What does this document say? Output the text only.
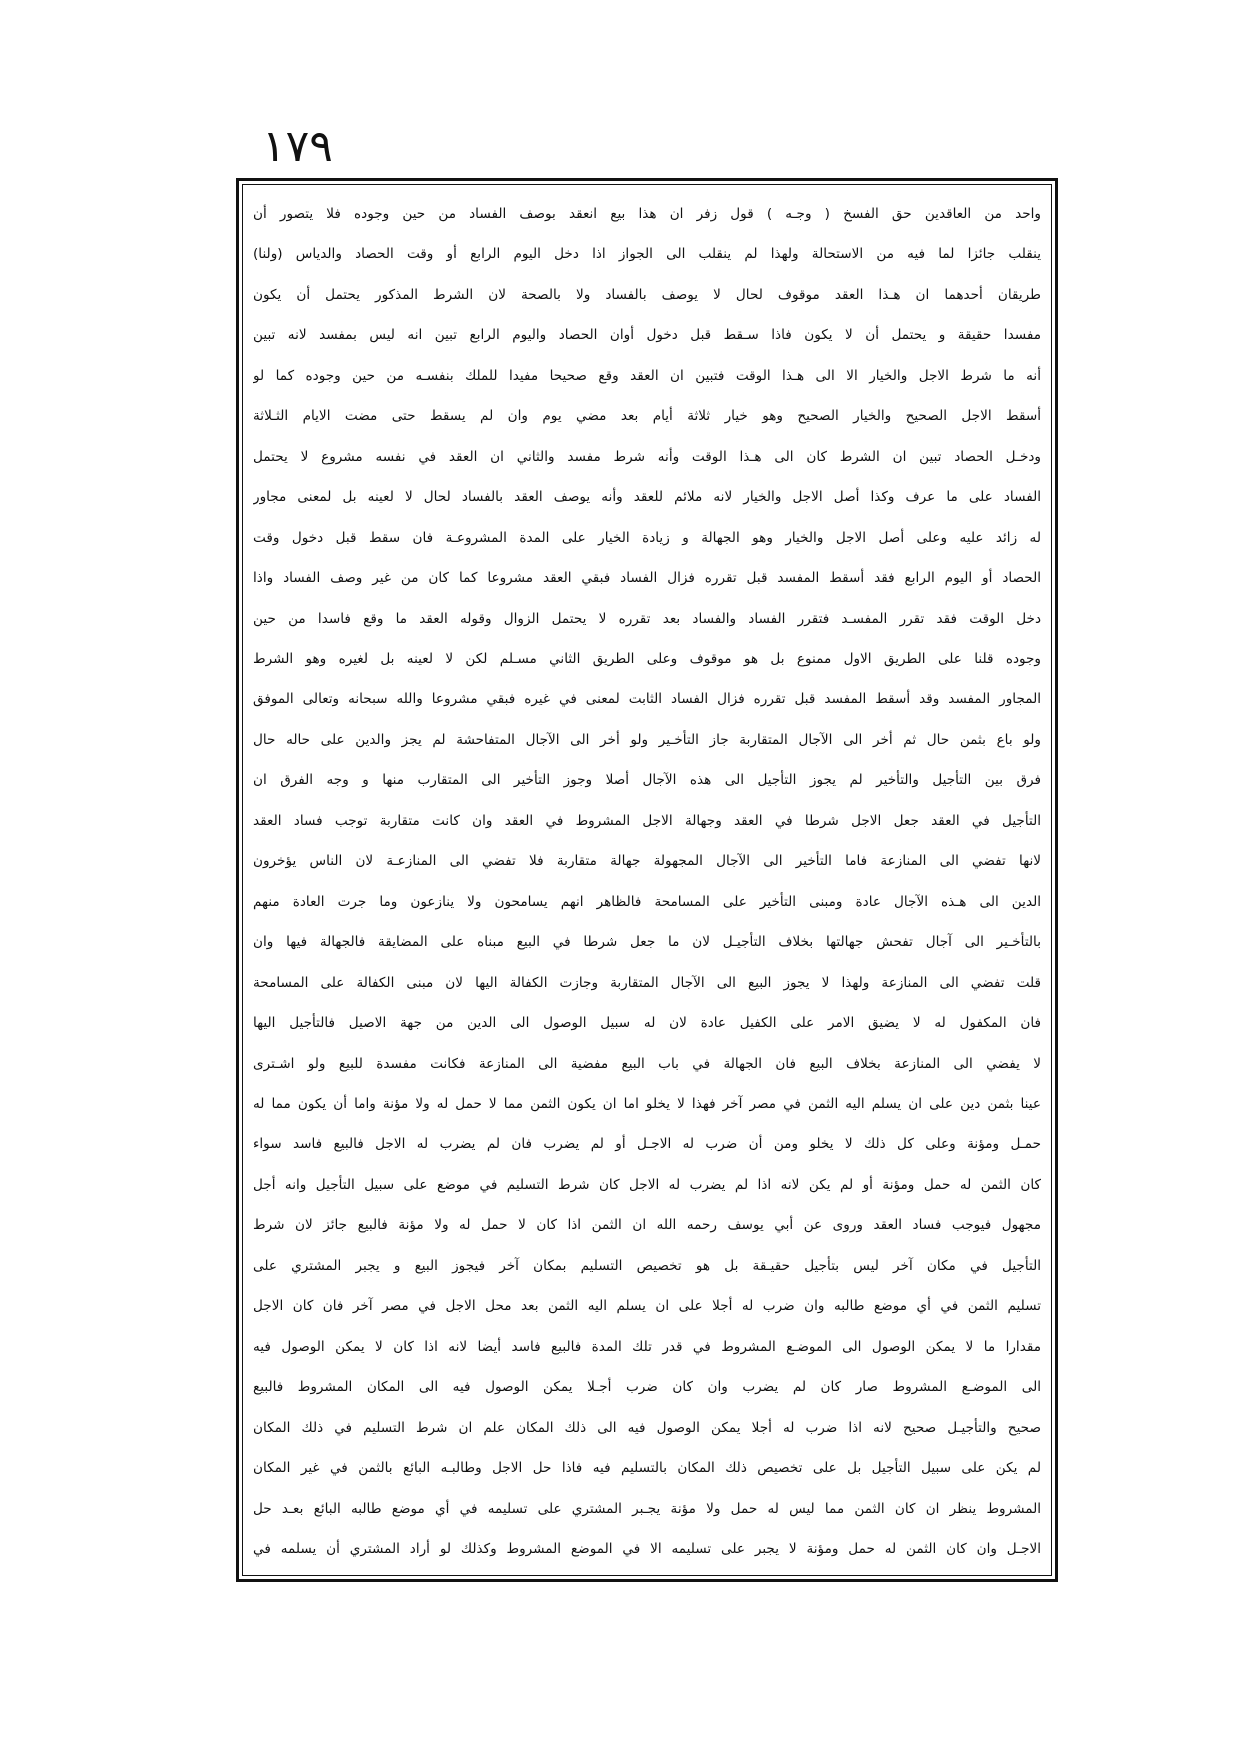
١٧٩
واحد من العاقدين حق الفسخ ( وجـه ) قول زفر ان هذا بيع انعقد بوصف الفساد من حين وجوده فلا يتصور أن
ينقلب جائزا لما فيه من الاستحالة ولهذا لم ينقلب الى الجواز اذا دخل اليوم الرابع أو وقت الحصاد والدياس (ولنا)
طريقان أحدهما ان هـذا العقد موقوف لحال لا يوصف بالفساد ولا بالصحة لان الشرط المذكور يحتمل أن يكون
مفسدا حقيقة و يحتمل أن لا يكون فاذا سـقط قبل دخول أوان الحصاد واليوم الرابع تبين انه ليس بمفسد لانه تبين
أنه ما شرط الاجل والخيار الا الى هـذا الوقت فتبين ان العقد وقع صحيحا مفيدا للملك بنفسـه من حين وجوده كما لو
أسقط الاجل الصحيح والخيار الصحيح وهو خيار ثلاثة أيام بعد مضي يوم وان لم يسقط حتى مضت الايام الثـلاثة
ودخـل الحصاد تبين ان الشرط كان الى هـذا الوقت وأنه شرط مفسد والثاني ان العقد في نفسه مشروع لا يحتمل
الفساد على ما عرف وكذا أصل الاجل والخيار لانه ملائم للعقد وأنه يوصف العقد بالفساد لحال لا لعينه بل لمعنى مجاور
له زائد عليه وعلى أصل الاجل والخيار وهو الجهالة و زيادة الخيار على المدة المشروعـة فان سقط قبل دخول وقت
الحصاد أو اليوم الرابع فقد أسقط المفسد قبل تقرره فزال الفساد فبقي العقد مشروعا كما كان من غير وصف الفساد واذا
دخل الوقت فقد تقرر المفسـد فتقرر الفساد والفساد بعد تقرره لا يحتمل الزوال وقوله العقد ما وقع فاسدا من حين
وجوده قلنا على الطريق الاول ممنوع بل هو موقوف وعلى الطريق الثاني مسـلم لكن لا لعينه بل لغيره وهو الشرط
المجاور المفسد وقد أسقط المفسد قبل تقرره فزال الفساد الثابت لمعنى في غيره فبقي مشروعا والله سبحانه وتعالى الموفق
ولو باع بثمن حال ثم أخر الى الآجال المتقاربة جاز التأخـير ولو أخر الى الآجال المتفاحشة لم يجز والدين على حاله حال
فرق بين التأجيل والتأخير لم يجوز التأجيل الى هذه الآجال أصلا وجوز التأخير الى المتقارب منها و وجه الفرق ان
التأجيل في العقد جعل الاجل شرطا في العقد وجهالة الاجل المشروط في العقد وان كانت متقاربة توجب فساد العقد
لانها تفضي الى المنازعة فاما التأخير الى الآجال المجهولة جهالة متقاربة فلا تفضي الى المنازعـة لان الناس يؤخرون
الدين الى هـذه الآجال عادة ومبنى التأخير على المسامحة فالظاهر انهم يسامحون ولا ينازعون وما جرت العادة منهم
بالتأخـير الى آجال تفحش جهالتها بخلاف التأجيـل لان ما جعل شرطا في البيع مبناه على المضايقة فالجهالة فيها وان
قلت تفضي الى المنازعة ولهذا لا يجوز البيع الى الآجال المتقاربة وجازت الكفالة اليها لان مبنى الكفالة على المسامحة
فان المكفول له لا يضيق الامر على الكفيل عادة لان له سبيل الوصول الى الدين من جهة الاصيل فالتأجيل اليها
لا يفضي الى المنازعة بخلاف البيع فان الجهالة في باب البيع مفضية الى المنازعة فكانت مفسدة للبيع ولو اشـترى
عينا بثمن دين على ان يسلم اليه الثمن في مصر آخر فهذا لا يخلو اما ان يكون الثمن مما لا حمل له ولا مؤنة واما أن يكون مما له
حمـل ومؤنة وعلى كل ذلك لا يخلو ومن أن ضرب له الاجـل أو لم يضرب فان لم يضرب له الاجل فالبيع فاسد سواء
كان الثمن له حمل ومؤنة أو لم يكن لانه اذا لم يضرب له الاجل كان شرط التسليم في موضع على سبيل التأجيل وانه أجل
مجهول فيوجب فساد العقد وروى عن أبي يوسف رحمه الله ان الثمن اذا كان لا حمل له ولا مؤنة فالبيع جائز لان شرط
التأجيل في مكان آخر ليس بتأجيل حقيـقة بل هو تخصيص التسليم بمكان آخر فيجوز البيع و يجبر المشتري على
تسليم الثمن في أي موضع طالبه وان ضرب له أجلا على ان يسلم اليه الثمن بعد محل الاجل في مصر آخر فان كان الاجل
مقدارا ما لا يمكن الوصول الى الموضـع المشروط في قدر تلك المدة فالبيع فاسد أيضا لانه اذا كان لا يمكن الوصول فيه
الى الموضـع المشروط صار كان لم يضرب وان كان ضرب أجـلا يمكن الوصول فيه الى المكان المشروط فالبيع
صحيح والتأجيـل صحيح لانه اذا ضرب له أجلا يمكن الوصول فيه الى ذلك المكان علم ان شرط التسليم في ذلك المكان
لم يكن على سبيل التأجيل بل على تخصيص ذلك المكان بالتسليم فيه فاذا حل الاجل وطالبـه البائع بالثمن في غير المكان
المشروط ينظر ان كان الثمن مما ليس له حمل ولا مؤنة يجـبر المشتري على تسليمه في أي موضع طالبه البائع بعـد حل
الاجـل وان كان الثمن له حمل ومؤنة لا يجبر على تسليمه الا في الموضع المشروط وكذلك لو أراد المشتري أن يسلمه في
